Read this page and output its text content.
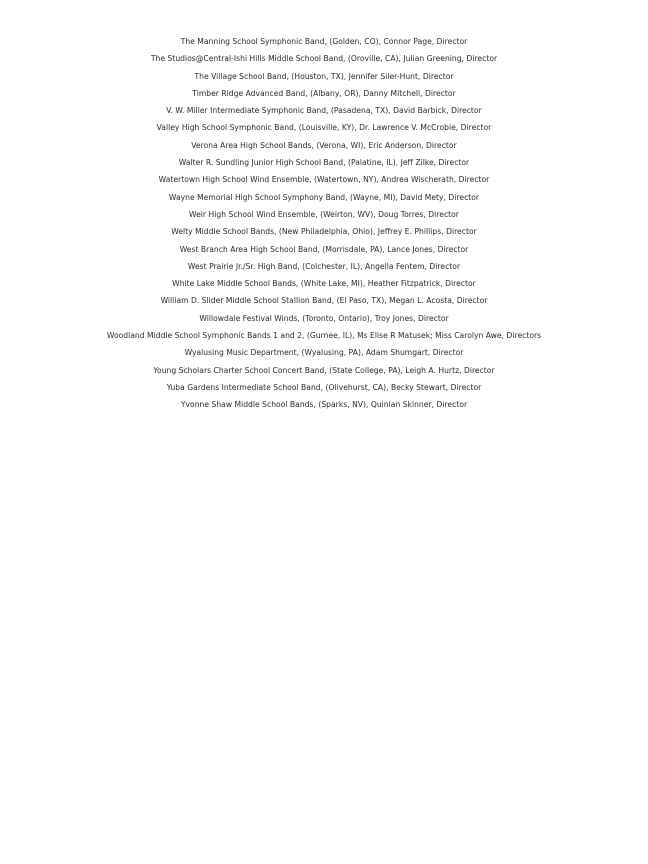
The Manning School Symphonic Band, (Golden, CO), Connor Page, Director
The Studios@Central-Ishi Hills Middle School Band, (Oroville, CA), Julian Greening, Director
The Village School Band, (Houston, TX), Jennifer Siler-Hunt, Director
Timber Ridge Advanced Band, (Albany, OR), Danny Mitchell, Director
V. W. Miller Intermediate Symphonic Band, (Pasadena, TX), David Barbick, Director
Valley High School Symphonic Band, (Louisville, KY), Dr. Lawrence V. McCrobie, Director
Verona Area High School Bands, (Verona, WI), Eric Anderson, Director
Walter R. Sundling Junior High School Band, (Palatine, IL), Jeff Zilke, Director
Watertown High School Wind Ensemble, (Watertown, NY), Andrea Wischerath, Director
Wayne Memorial High School Symphony Band, (Wayne, MI), David Mety, Director
Weir High School Wind Ensemble, (Weirton, WV), Doug Torres, Director
Welty Middle School Bands, (New Philadelphia, Ohio), Jeffrey E. Phillips, Director
West Branch Area High School Band, (Morrisdale, PA), Lance Jones, Director
West Prairie Jr./Sr. High Band, (Colchester, IL), Angella Fentem, Director
White Lake Middle School Bands, (White Lake, MI), Heather Fitzpatrick, Director
William D. Slider Middle School Stallion Band, (El Paso, TX), Megan L. Acosta, Director
Willowdale Festival Winds, (Toronto, Ontario), Troy Jones, Director
Woodland Middle School Symphonic Bands 1 and 2, (Gurnee, IL), Ms Elise R Matusek; Miss Carolyn Awe, Directors
Wyalusing Music Department, (Wyalusing, PA), Adam Shumgart, Director
Young Scholars Charter School Concert Band, (State College, PA), Leigh A. Hurtz, Director
Yuba Gardens Intermediate School Band, (Olivehurst, CA), Becky Stewart, Director
Yvonne Shaw Middle School Bands, (Sparks, NV), Quinlan Skinner, Director
